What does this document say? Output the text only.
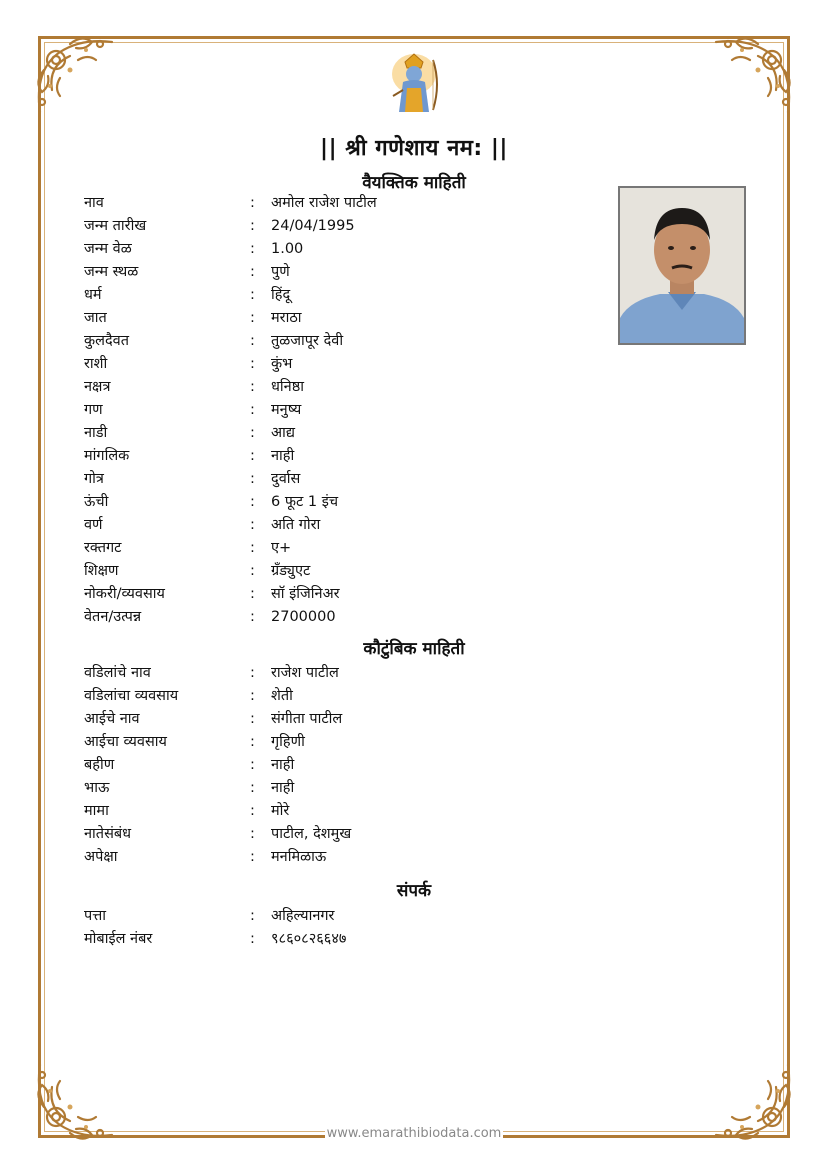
|| श्री गणेशाय नम: ||
वैयक्तिक माहिती
नाव	: अमोल राजेश पाटील
जन्म तारीख	: 24/04/1995
जन्म वेळ	: 1.00
जन्म स्थळ	: पुणे
धर्म	: हिंदू
जात	: मराठा
कुलदैवत	: तुळजापूर देवी
राशी	: कुंभ
नक्षत्र	: धनिष्ठा
गण	: मनुष्य
नाडी	: आद्य
मांगलिक	: नाही
गोत्र	: दुर्वास
ऊंची	: 6 फूट 1 इंच
वर्ण	: अति गोरा
रक्तगट	: ए+
शिक्षण	: ग्रँड्युएट
नोकरी/व्यवसाय	: सॉ इंजिनिअर
वेतन/उत्पन्न	: 2700000
कौटुंबिक माहिती
वडिलांचे नाव	: राजेश पाटील
वडिलांचा व्यवसाय	: शेती
आईचे नाव	: संगीता पाटील
आईचा व्यवसाय	: गृहिणी
बहीण	: नाही
भाऊ	: नाही
मामा	: मोरे
नातेसंबंध	: पाटील, देशमुख
अपेक्षा	: मनमिळाऊ
संपर्क
पत्ता	: अहिल्यानगर
मोबाईल नंबर	: ९८६०८२६६४७
www.emarathibiodata.com
